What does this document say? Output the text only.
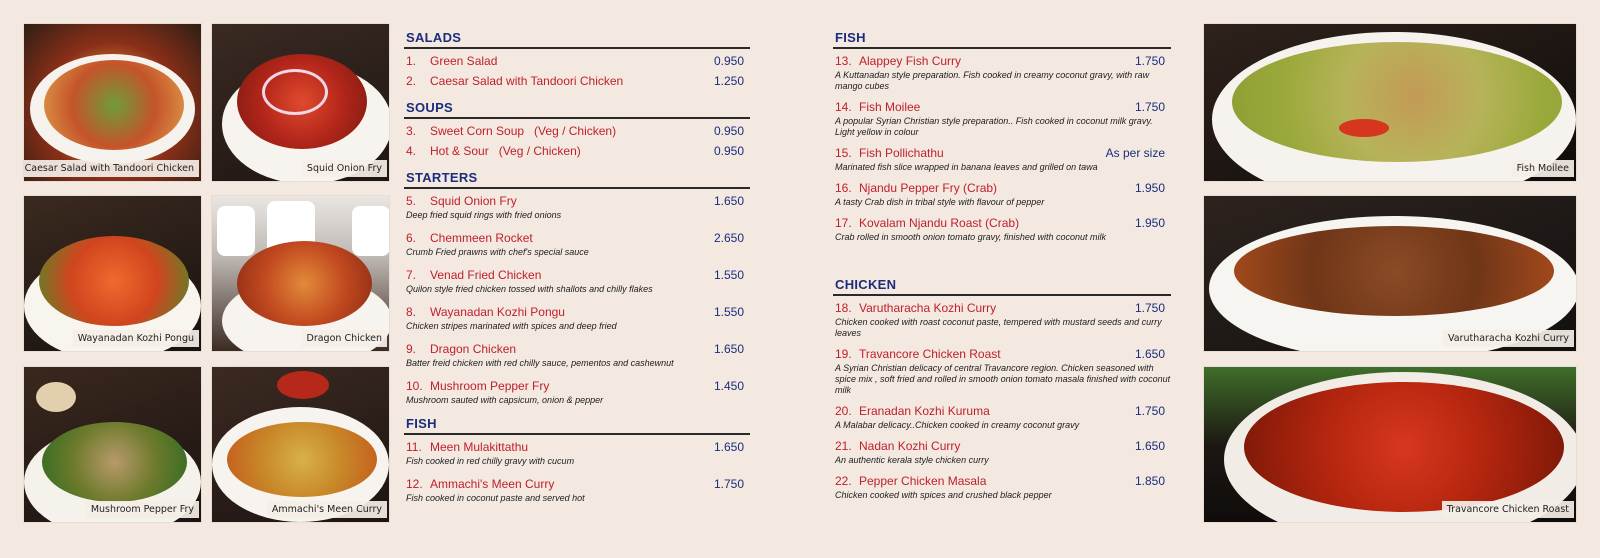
Caesar Salad with Tandoori Chicken	Squid Onion Fry
Wayanadan Kozhi Pongu	Dragon Chicken
Mushroom Pepper Fry	Ammachi's Meen Curry
SALADS
1. Green Salad	0.950
2. Caesar Salad with Tandoori Chicken	1.250
SOUPS
3. Sweet Corn Soup   (Veg / Chicken)	0.950
4. Hot & Sour   (Veg / Chicken)	0.950
STARTERS
5. Squid Onion Fry	1.650
Deep fried squid rings with fried onions
6. Chemmeen Rocket	2.650
Crumb Fried prawns with chef's special sauce
7. Venad Fried Chicken	1.550
Quilon style fried chicken tossed with shallots and chilly flakes
8. Wayanadan Kozhi Pongu	1.550
Chicken stripes marinated with spices and deep fried
9. Dragon Chicken	1.650
Batter freid chicken with red chilly sauce, pementos and cashewnut
10. Mushroom Pepper Fry	1.450
Mushroom sauted with capsicum, onion & pepper
FISH
11. Meen Mulakittathu	1.650
Fish cooked in red chilly gravy with cucum
12. Ammachi's Meen Curry	1.750
Fish cooked in coconut paste and served hot
FISH
13. Alappey Fish Curry	1.750
A Kuttanadan style preparation. Fish cooked in creamy coconut gravy, with raw mango cubes
14. Fish Moilee	1.750
A popular Syrian Christian style preparation.. Fish cooked in coconut milk gravy. Light yellow in colour
15. Fish Pollichathu	As per size
Marinated fish slice wrapped in banana leaves and grilled on tawa
16. Njandu Pepper Fry (Crab)	1.950
A tasty Crab dish in tribal style with flavour of pepper
17. Kovalam Njandu Roast (Crab)	1.950
Crab rolled in smooth onion tomato gravy, finished with coconut milk
CHICKEN
18. Varutharacha Kozhi Curry	1.750
Chicken cooked with roast coconut paste, tempered with mustard seeds and curry leaves
19. Travancore Chicken Roast	1.650
A Syrian Christian delicacy of central Travancore region. Chicken seasoned with spice mix , soft fried and rolled in smooth onion tomato masala finished with coconut milk
20. Eranadan Kozhi Kuruma	1.750
A Malabar delicacy..Chicken cooked in creamy coconut gravy
21. Nadan Kozhi Curry	1.650
An authentic kerala style chicken curry
22. Pepper Chicken Masala	1.850
Chicken cooked with spices and crushed black pepper
Fish Moilee
Varutharacha Kozhi Curry
Travancore Chicken Roast
